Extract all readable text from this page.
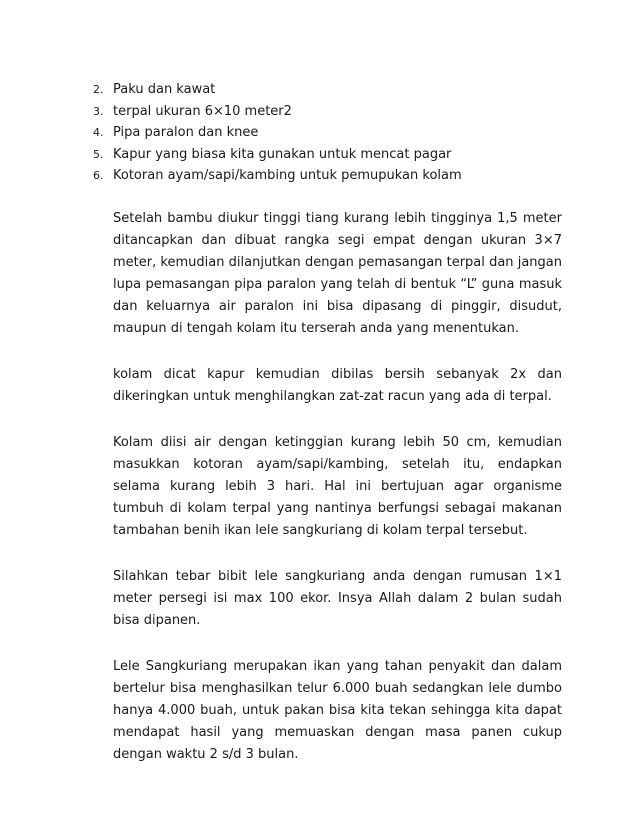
2. Paku dan kawat
3. terpal ukuran 6×10 meter2
4. Pipa paralon dan knee
5. Kapur yang biasa kita gunakan untuk mencat pagar
6. Kotoran ayam/sapi/kambing untuk pemupukan kolam

Setelah bambu diukur tinggi tiang kurang lebih tingginya 1,5 meter ditancapkan dan dibuat rangka segi empat dengan ukuran 3×7 meter, kemudian dilanjutkan dengan pemasangan terpal dan jangan lupa pemasangan pipa paralon yang telah di bentuk “L” guna masuk dan keluarnya air paralon ini bisa dipasang di pinggir, disudut, maupun di tengah kolam itu terserah anda yang menentukan.

kolam dicat kapur kemudian dibilas bersih sebanyak 2x dan dikeringkan untuk menghilangkan zat-zat racun yang ada di terpal.

Kolam diisi air dengan ketinggian kurang lebih 50 cm, kemudian masukkan kotoran ayam/sapi/kambing, setelah itu, endapkan selama kurang lebih 3 hari. Hal ini bertujuan agar organisme tumbuh di kolam terpal yang nantinya berfungsi sebagai makanan tambahan benih ikan lele sangkuriang di kolam terpal tersebut.

Silahkan tebar bibit lele sangkuriang anda dengan rumusan 1×1 meter persegi isi max 100 ekor. Insya Allah dalam 2 bulan sudah bisa dipanen.

Lele Sangkuriang merupakan ikan yang tahan penyakit dan dalam bertelur bisa menghasilkan telur 6.000 buah sedangkan lele dumbo hanya 4.000 buah, untuk pakan bisa kita tekan sehingga kita dapat mendapat hasil yang memuaskan dengan masa panen cukup dengan waktu 2 s/d 3 bulan.
